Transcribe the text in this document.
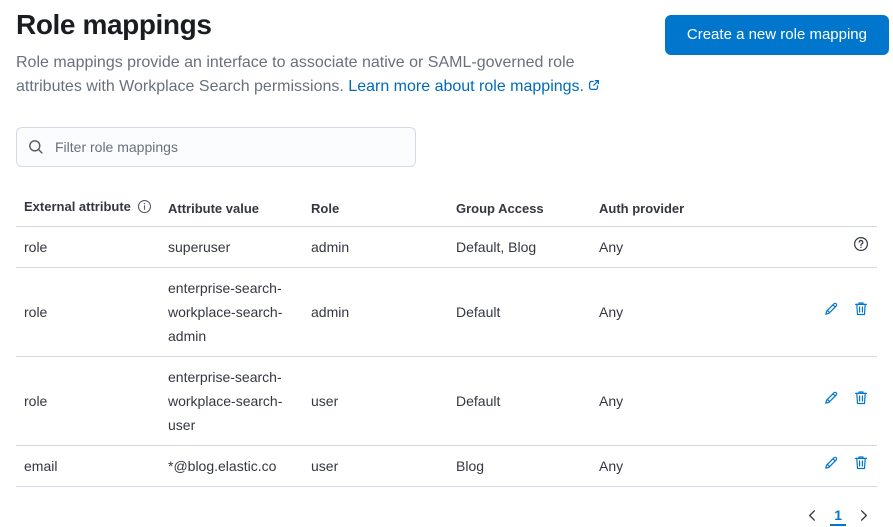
Role mappings

Role mappings provide an interface to associate native or SAML-governed role attributes with Workplace Search permissions. Learn more about role mappings.

Create a new role mapping
Filter role mappings
External attribute	Attribute value	Role	Group Access	Auth provider	
role	superuser	admin	Default, Blog	Any	
role	enterprise-search-workplace-search-admin	admin	Default	Any	
role	enterprise-search-workplace-search-user	user	Default	Any	
email	*@blog.elastic.co	user	Blog	Any	
1
